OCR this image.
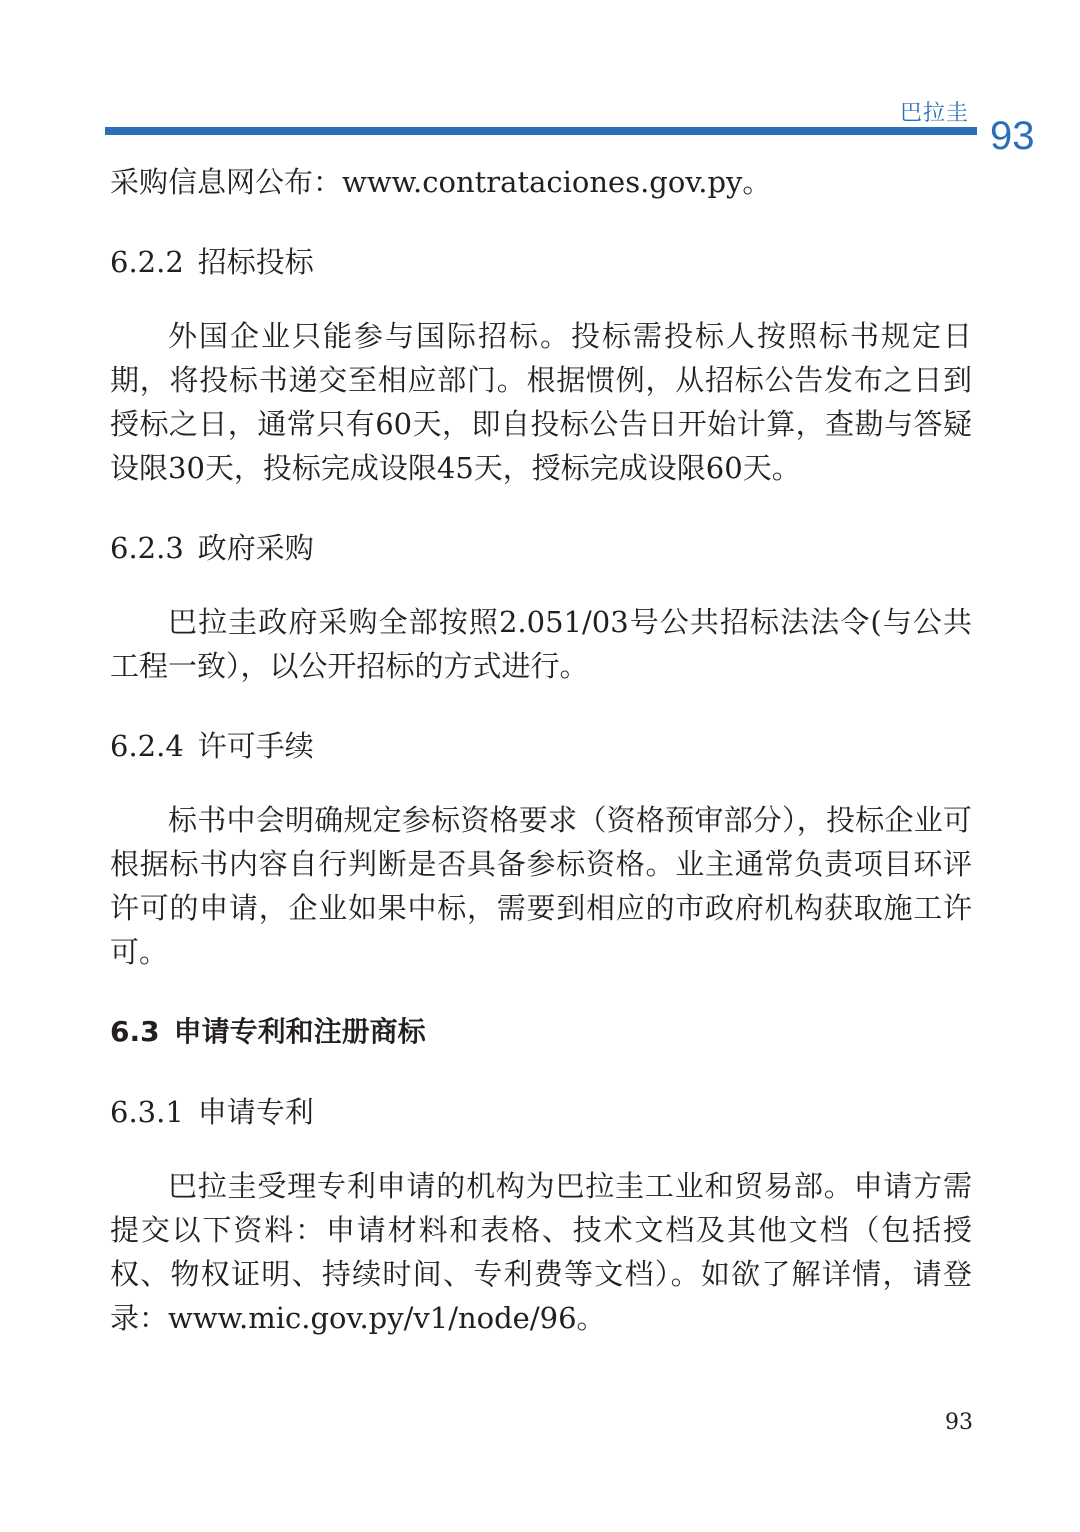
巴拉圭
93

采购信息网公布：www.contrataciones.gov.py。

6.2.2 招标投标

外国企业只能参与国际招标。投标需投标人按照标书规定日期，将投标书递交至相应部门。根据惯例，从招标公告发布之日到授标之日，通常只有60天，即自投标公告日开始计算，查勘与答疑设限30天，投标完成设限45天，授标完成设限60天。

6.2.3 政府采购

巴拉圭政府采购全部按照2.051/03号公共招标法法令(与公共工程一致），以公开招标的方式进行。

6.2.4 许可手续

标书中会明确规定参标资格要求（资格预审部分），投标企业可根据标书内容自行判断是否具备参标资格。业主通常负责项目环评许可的申请，企业如果中标，需要到相应的市政府机构获取施工许可。

6.3 申请专利和注册商标
6.3.1 申请专利

巴拉圭受理专利申请的机构为巴拉圭工业和贸易部。申请方需提交以下资料：申请材料和表格、技术文档及其他文档（包括授权、物权证明、持续时间、专利费等文档）。如欲了解详情，请登录：www.mic.gov.py/v1/node/96。

93
